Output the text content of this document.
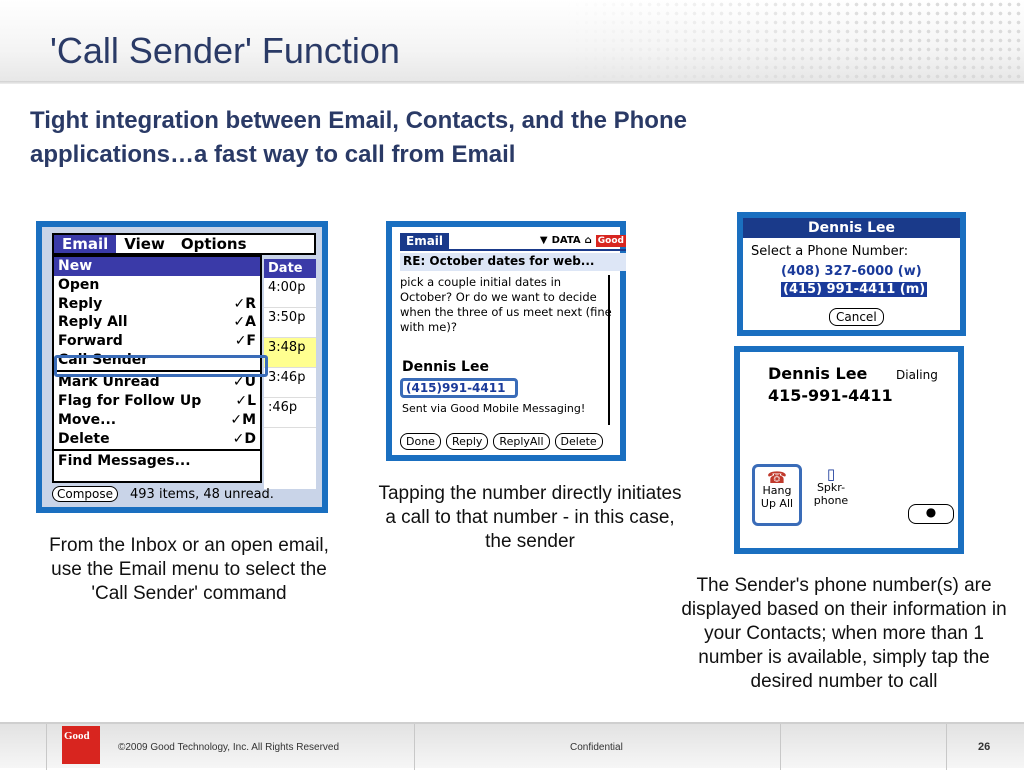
'Call Sender' Function
Tight integration between Email, Contacts, and the Phone applications…a fast way to call from Email
Email	View	Options
Date
4:00p
3:50p
3:48p
3:46p
:46p
New
Open
Reply	✓R
Reply All	✓A
Forward	✓F
Call Sender
Mark Unread	✓U
Flag for Follow Up ✓L
Move...	✓M
Delete	✓D
Find Messages...
Compose	493 items, 48 unread.
Email	▼ DATA ⌂ Good
RE: October dates for web...
pick a couple initial dates in October? Or do we want to decide when the three of us meet next (fine with me)?
Dennis Lee
(415)991-4411
Sent via Good Mobile Messaging!
Done	Reply	ReplyAll	Delete
Dennis Lee
Select a Phone Number:
(408) 327-6000 (w)
(415) 991-4411 (m)
Cancel
Dennis Lee Dialing
415-991-4411
☎
Hang Up All
▯
Spkr-phone
●
From the Inbox or an open email, use the Email menu to select the 'Call Sender' command
Tapping the number directly initiates a call to that number - in this case, the sender
The Sender's phone number(s) are displayed based on their information in your Contacts; when more than 1 number is available, simply tap the desired number to call
Good
©2009 Good Technology, Inc. All Rights Reserved	Confidential	26
